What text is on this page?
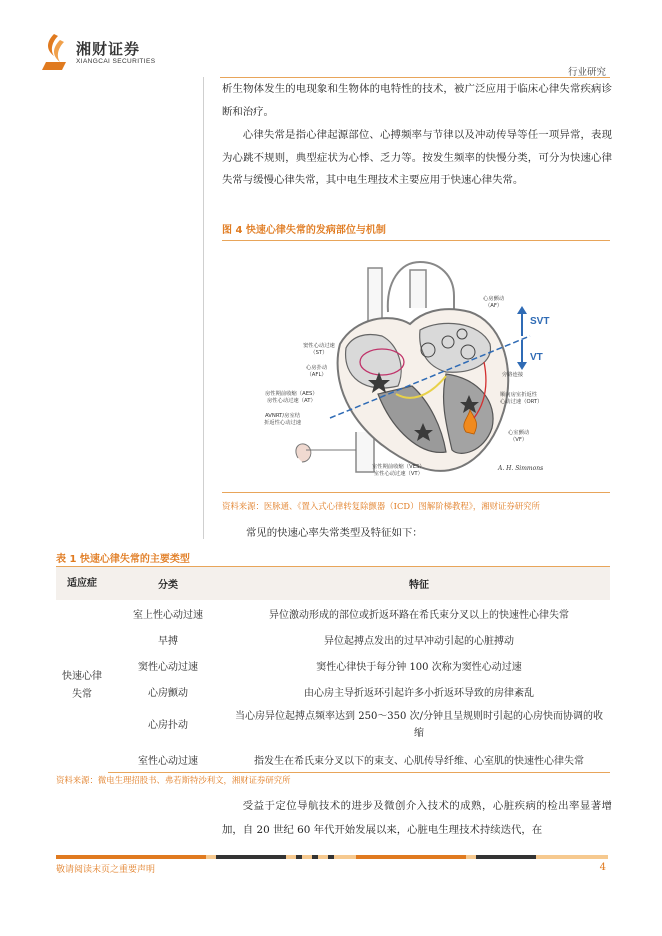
湘财证券
XIANGCAI SECURITIES
行业研究

析生物体发生的电现象和生物体的电特性的技术，被广泛应用于临床心律失常疾病诊断和治疗。

心律失常是指心律起源部位、心搏频率与节律以及冲动传导等任一项异常，表现为心跳不规则，典型症状为心悸、乏力等。按发生频率的快慢分类，可分为快速心律失常与缓慢心律失常，其中电生理技术主要应用于快速心律失常。

图 4 快速心律失常的发病部位与机制
SVT
VT
A. H. Simmons
窦性心动过速
（ST）
心房扑动
（AFL）
房性期前收缩（AES）
房性心动过速（AT）
AVNRT/房室结
折返性心动过速
心房颤动
（AF）
旁路连接
顺向房室折返性
心动过速（ORT）
心室颤动
（VF）
室性期前收缩（VES）
室性心动过速（VT）
资料来源：医脉通、《置入式心律转复除颤器（ICD）图解阶梯教程》，湘财证券研究所
常见的快速心率失常类型及特征如下：
表 1 快速心律失常的主要类型
适应症	分类	特征
快速心律失常	室上性心动过速	异位激动形成的部位或折返环路在希氏束分叉以上的快速性心律失常
	早搏	异位起搏点发出的过早冲动引起的心脏搏动
	窦性心动过速	窦性心律快于每分钟 100 次称为窦性心动过速
	心房颤动	由心房主导折返环引起许多小折返环导致的房律紊乱
	心房扑动	当心房异位起搏点频率达到 250～350 次/分钟且呈规则时引起的心房快而协调的收缩
	室性心动过速	指发生在希氏束分叉以下的束支、心肌传导纤维、心室肌的快速性心律失常
资料来源：微电生理招股书、弗若斯特沙利文，湘财证券研究所

受益于定位导航技术的进步及微创介入技术的成熟，心脏疾病的检出率显著增加，自 20 世纪 60 年代开始发展以来，心脏电生理技术持续迭代，在

敬请阅读末页之重要声明	4
